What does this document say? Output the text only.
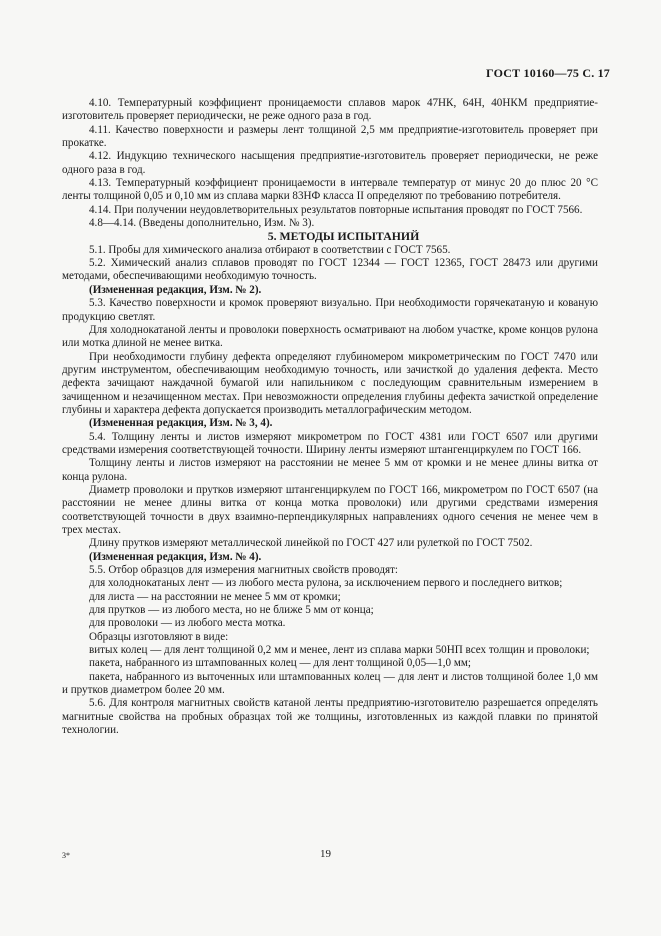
ГОСТ 10160—75 С. 17

4.10. Температурный коэффициент проницаемости сплавов марок 47НК, 64Н, 40НКМ предприятие-изготовитель проверяет периодически, не реже одного раза в год.

4.11. Качество поверхности и размеры лент толщиной 2,5 мм предприятие-изготовитель проверяет при прокатке.

4.12. Индукцию технического насыщения предприятие-изготовитель проверяет периодически, не реже одного раза в год.

4.13. Температурный коэффициент проницаемости в интервале температур от минус 20 до плюс 20 °С ленты толщиной 0,05 и 0,10 мм из сплава марки 83НФ класса II определяют по требованию потребителя.

4.14. При получении неудовлетворительных результатов повторные испытания проводят по ГОСТ 7566.

4.8—4.14. (Введены дополнительно, Изм. № 3).

5. МЕТОДЫ ИСПЫТАНИЙ

5.1. Пробы для химического анализа отбирают в соответствии с ГОСТ 7565.

5.2. Химический анализ сплавов проводят по ГОСТ 12344 — ГОСТ 12365, ГОСТ 28473 или другими методами, обеспечивающими необходимую точность.

(Измененная редакция, Изм. № 2).

5.3. Качество поверхности и кромок проверяют визуально. При необходимости горячекатаную и кованую продукцию светлят.

Для холоднокатаной ленты и проволоки поверхность осматривают на любом участке, кроме концов рулона или мотка длиной не менее витка.

При необходимости глубину дефекта определяют глубиномером микрометрическим по ГОСТ 7470 или другим инструментом, обеспечивающим необходимую точность, или зачисткой до удаления дефекта. Место дефекта зачищают наждачной бумагой или напильником с последующим сравнительным измерением в зачищенном и незачищенном местах. При невозможности определения глубины дефекта зачисткой определение глубины и характера дефекта допускается производить металлографическим методом.

(Измененная редакция, Изм. № 3, 4).

5.4. Толщину ленты и листов измеряют микрометром по ГОСТ 4381 или ГОСТ 6507 или другими средствами измерения соответствующей точности. Ширину ленты измеряют штангенциркулем по ГОСТ 166.

Толщину ленты и листов измеряют на расстоянии не менее 5 мм от кромки и не менее длины витка от конца рулона.

Диаметр проволоки и прутков измеряют штангенциркулем по ГОСТ 166, микрометром по ГОСТ 6507 (на расстоянии не менее длины витка от конца мотка проволоки) или другими средствами измерения соответствующей точности в двух взаимно-перпендикулярных направлениях одного сечения не менее чем в трех местах.

Длину прутков измеряют металлической линейкой по ГОСТ 427 или рулеткой по ГОСТ 7502.

(Измененная редакция, Изм. № 4).

5.5. Отбор образцов для измерения магнитных свойств проводят:

для холоднокатаных лент — из любого места рулона, за исключением первого и последнего витков;

для листа — на расстоянии не менее 5 мм от кромки;

для прутков — из любого места, но не ближе 5 мм от конца;

для проволоки — из любого места мотка.

Образцы изготовляют в виде:

витых колец — для лент толщиной 0,2 мм и менее, лент из сплава марки 50НП всех толщин и проволоки;

пакета, набранного из штампованных колец — для лент толщиной 0,05—1,0 мм;

пакета, набранного из выточенных или штампованных колец — для лент и листов толщиной более 1,0 мм и прутков диаметром более 20 мм.

5.6. Для контроля магнитных свойств катаной ленты предприятию-изготовителю разрешается определять магнитные свойства на пробных образцах той же толщины, изготовленных из каждой плавки по принятой технологии.

3*	19
